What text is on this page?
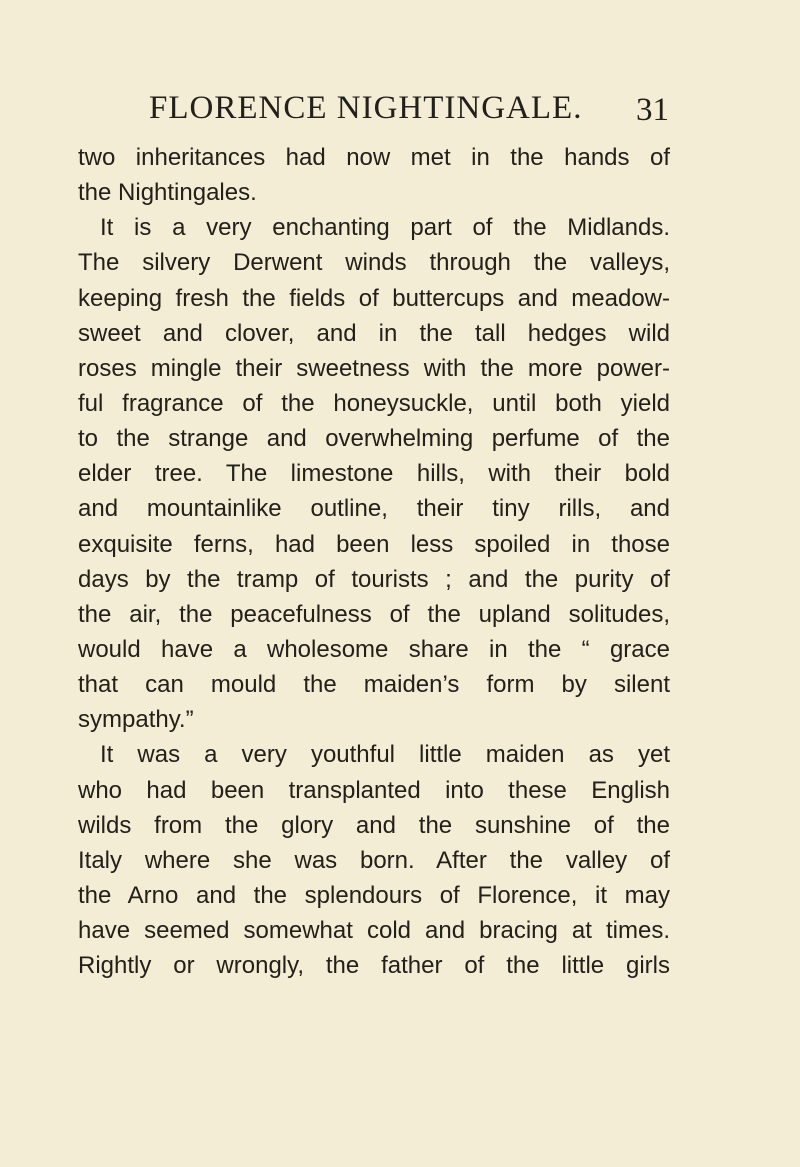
FLORENCE NIGHTINGALE. 31
two inheritances had now met in the hands of
the Nightingales.
It is a very enchanting part of the Midlands.
The silvery Derwent winds through the valleys,
keeping fresh the fields of buttercups and meadow-
sweet and clover, and in the tall hedges wild
roses mingle their sweetness with the more power-
ful fragrance of the honeysuckle, until both yield
to the strange and overwhelming perfume of the
elder tree. The limestone hills, with their bold
and mountainlike outline, their tiny rills, and
exquisite ferns, had been less spoiled in those
days by the tramp of tourists ; and the purity of
the air, the peacefulness of the upland solitudes,
would have a wholesome share in the “ grace
that can mould the maiden’s form by silent
sympathy.”
It was a very youthful little maiden as yet
who had been transplanted into these English
wilds from the glory and the sunshine of the
Italy where she was born. After the valley of
the Arno and the splendours of Florence, it may
have seemed somewhat cold and bracing at times.
Rightly or wrongly, the father of the little girls
